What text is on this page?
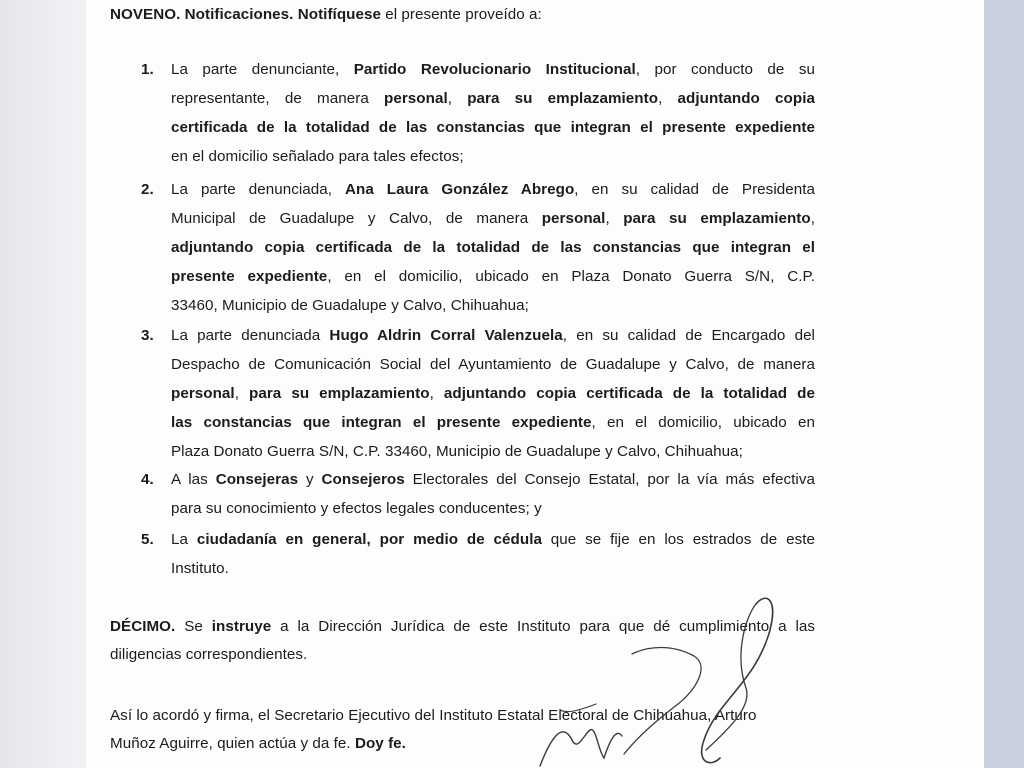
NOVENO. Notificaciones. Notifíquese el presente proveído a:
1. La parte denunciante, Partido Revolucionario Institucional, por conducto de su
representante, de manera personal, para su emplazamiento, adjuntando copia
certificada de la totalidad de las constancias que integran el presente expediente
en el domicilio señalado para tales efectos;
2. La parte denunciada, Ana Laura González Abrego, en su calidad de Presidenta
Municipal de Guadalupe y Calvo, de manera personal, para su emplazamiento,
adjuntando copia certificada de la totalidad de las constancias que integran el
presente expediente, en el domicilio, ubicado en Plaza Donato Guerra S/N, C.P.
33460, Municipio de Guadalupe y Calvo, Chihuahua;
3. La parte denunciada Hugo Aldrin Corral Valenzuela, en su calidad de Encargado del
Despacho de Comunicación Social del Ayuntamiento de Guadalupe y Calvo, de manera
personal, para su emplazamiento, adjuntando copia certificada de la totalidad de
las constancias que integran el presente expediente, en el domicilio, ubicado en
Plaza Donato Guerra S/N, C.P. 33460, Municipio de Guadalupe y Calvo, Chihuahua;
4. A las Consejeras y Consejeros Electorales del Consejo Estatal, por la vía más efectiva
para su conocimiento y efectos legales conducentes; y
5. La ciudadanía en general, por medio de cédula que se fije en los estrados de este
Instituto.
DÉCIMO. Se instruye a la Dirección Jurídica de este Instituto para que dé cumplimiento a las
diligencias correspondientes.
Así lo acordó y firma, el Secretario Ejecutivo del Instituto Estatal Electoral de Chihuahua, Arturo
Muñoz Aguirre, quien actúa y da fe. Doy fe.
